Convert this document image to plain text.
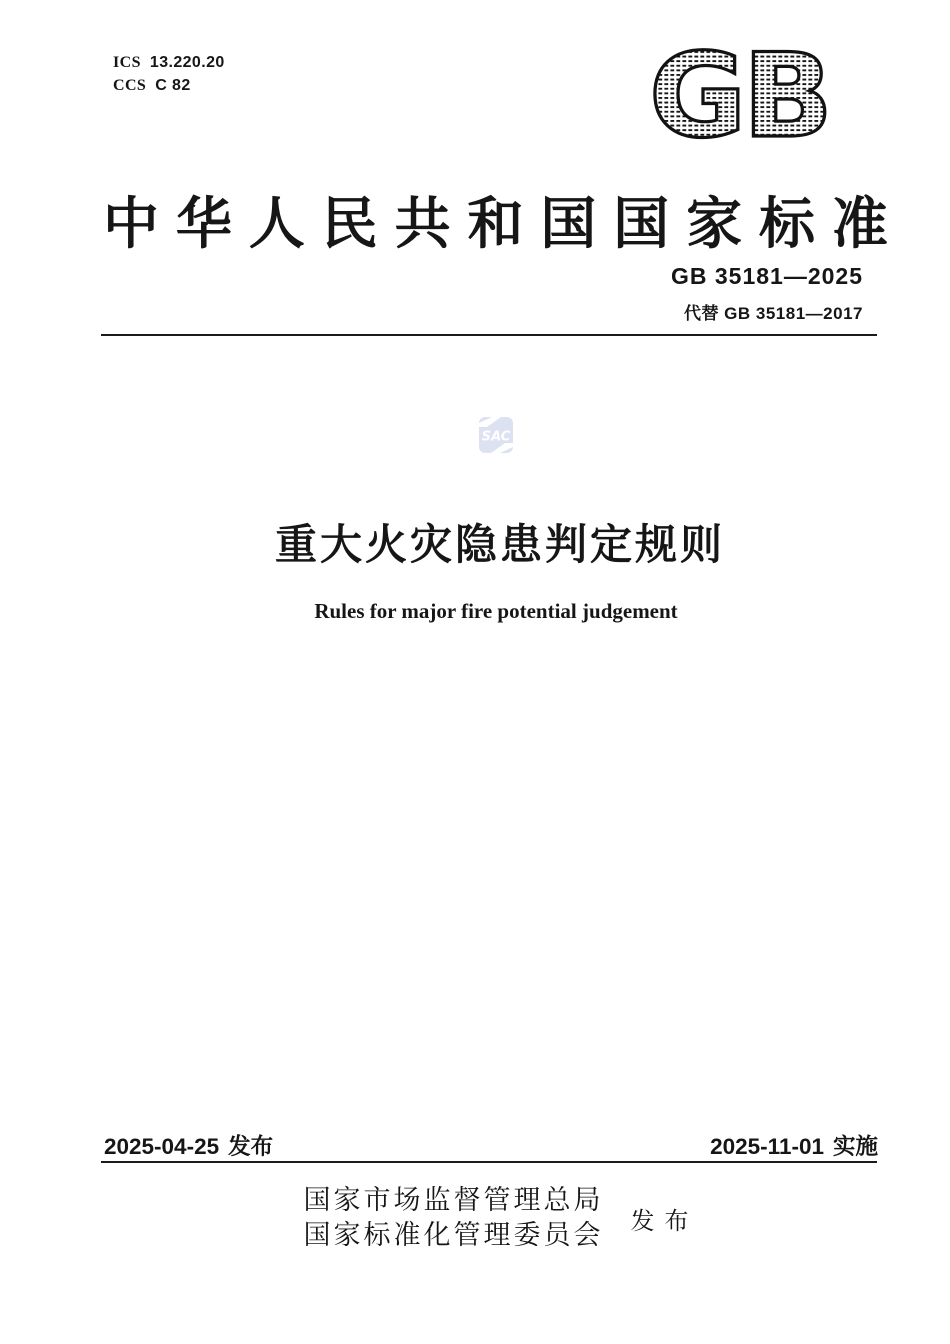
ICS 13.220.20
CCS C 82	GB
中 华 人 民 共 和 国 国 家 标 准
GB 35181—2025
代替 GB 35181—2017
SAC
重大火灾隐患判定规则
Rules for major fire potential judgement
2025-04-25 发布	2025-11-01 实施
国家市场监督管理总局
国家标准化管理委员会 发 布
